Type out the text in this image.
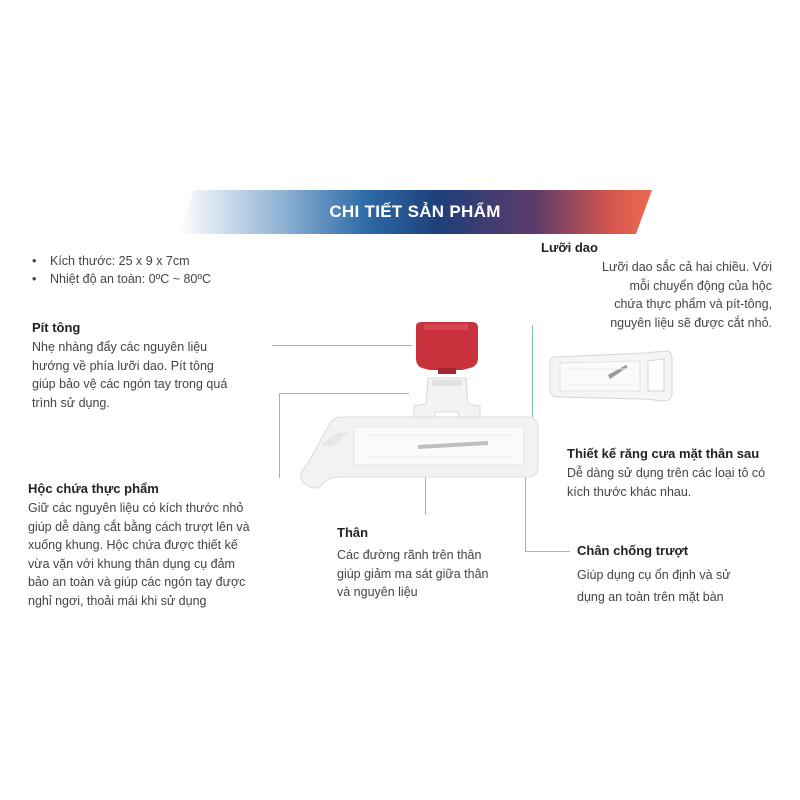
CHI TIẾT SẢN PHẨM
• Kích thước: 25 x 9 x 7cm
• Nhiệt độ an toàn: 0ºC ~ 80ºC
Pít tông
Nhẹ nhàng đẩy các nguyên liệu
hướng về phía lưỡi dao. Pít tông
giúp bảo vệ các ngón tay trong quá
trình sử dụng.
Hộc chứa thực phẩm
Giữ các nguyên liệu có kích thước nhỏ
giúp dễ dàng cắt bằng cách trượt lên và
xuống khung. Hộc chứa được thiết kế
vừa vặn với khung thân dụng cụ đảm
bảo an toàn và giúp các ngón tay được
nghỉ ngơi, thoải mái khi sử dụng
Thân
Các đường rãnh trên thân
giúp giảm ma sát giữa thân
và nguyên liệu
Lưỡi dao
Lưỡi dao sắc cả hai chiều. Với
mỗi chuyển động của hộc
chứa thực phẩm và pít-tông,
nguyên liệu sẽ được cắt nhỏ.
Thiết kế răng cưa mặt thân sau
Dễ dàng sử dụng trên các loại tô có
kích thước khác nhau.
Chân chống trượt
Giúp dụng cụ ổn định và sử
dụng an toàn trên mặt bàn
